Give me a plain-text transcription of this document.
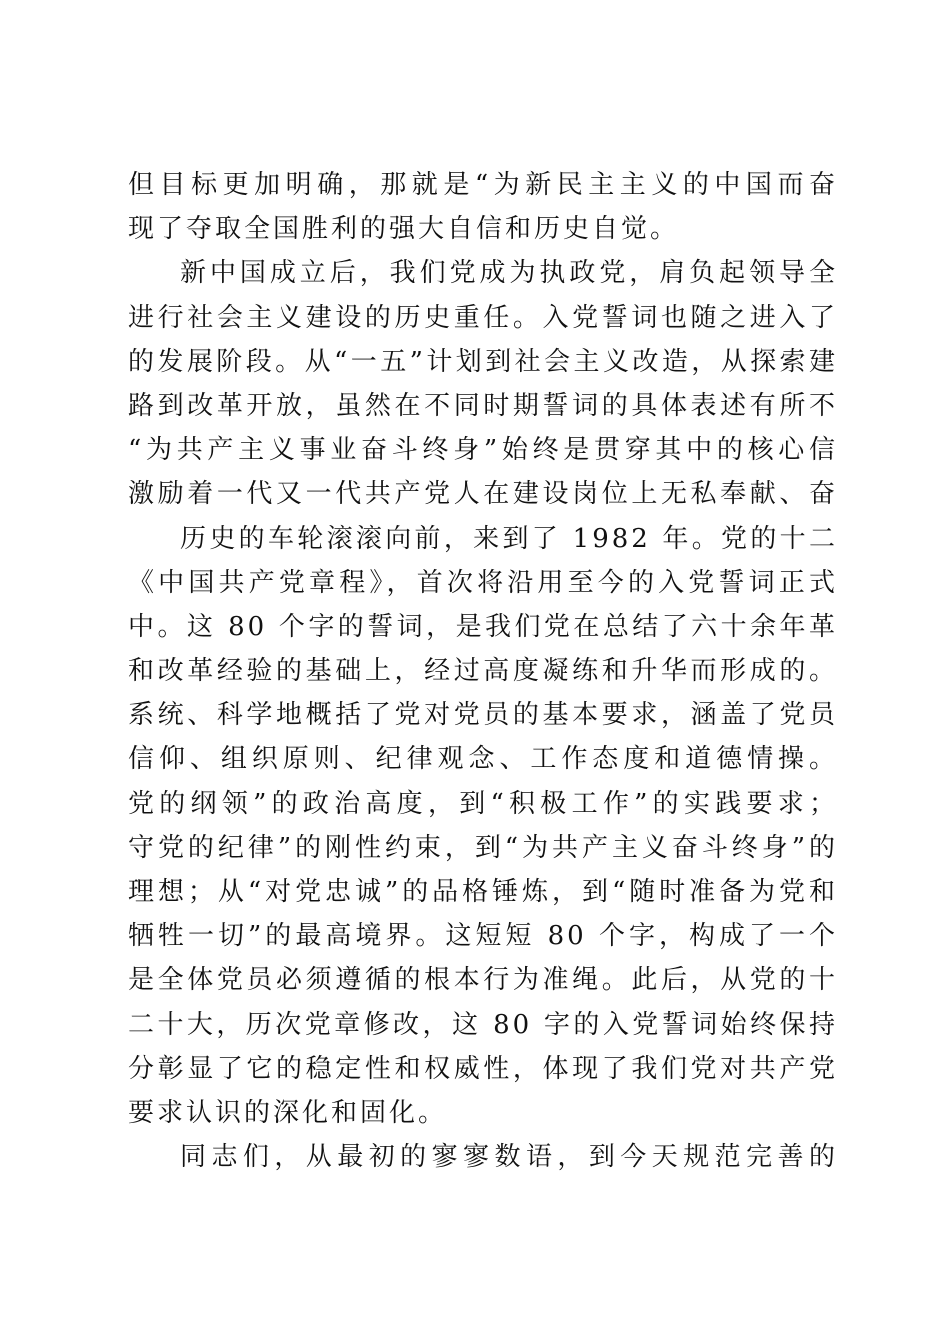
但目标更加明确，那就是“为新民主主义的中国而奋
现了夺取全国胜利的强大自信和历史自觉。
新中国成立后，我们党成为执政党，肩负起领导全
进行社会主义建设的历史重任。入党誓词也随之进入了
的发展阶段。从“一五”计划到社会主义改造，从探索建
路到改革开放，虽然在不同时期誓词的具体表述有所不
“为共产主义事业奋斗终身”始终是贯穿其中的核心信
激励着一代又一代共产党人在建设岗位上无私奉献、奋
历史的车轮滚滚向前，来到了 1982 年。党的十二
《中国共产党章程》，首次将沿用至今的入党誓词正式
中。这 80 个字的誓词，是我们党在总结了六十余年革
和改革经验的基础上，经过高度凝练和升华而形成的。
系统、科学地概括了党对党员的基本要求，涵盖了党员
信仰、组织原则、纪律观念、工作态度和道德情操。
党的纲领”的政治高度，到“积极工作”的实践要求；
守党的纪律”的刚性约束，到“为共产主义奋斗终身”的
理想；从“对党忠诚”的品格锤炼，到“随时准备为党和
牺牲一切”的最高境界。这短短 80 个字，构成了一个
是全体党员必须遵循的根本行为准绳。此后，从党的十
二十大，历次党章修改，这 80 字的入党誓词始终保持
分彰显了它的稳定性和权威性，体现了我们党对共产党
要求认识的深化和固化。
同志们，从最初的寥寥数语，到今天规范完善的
